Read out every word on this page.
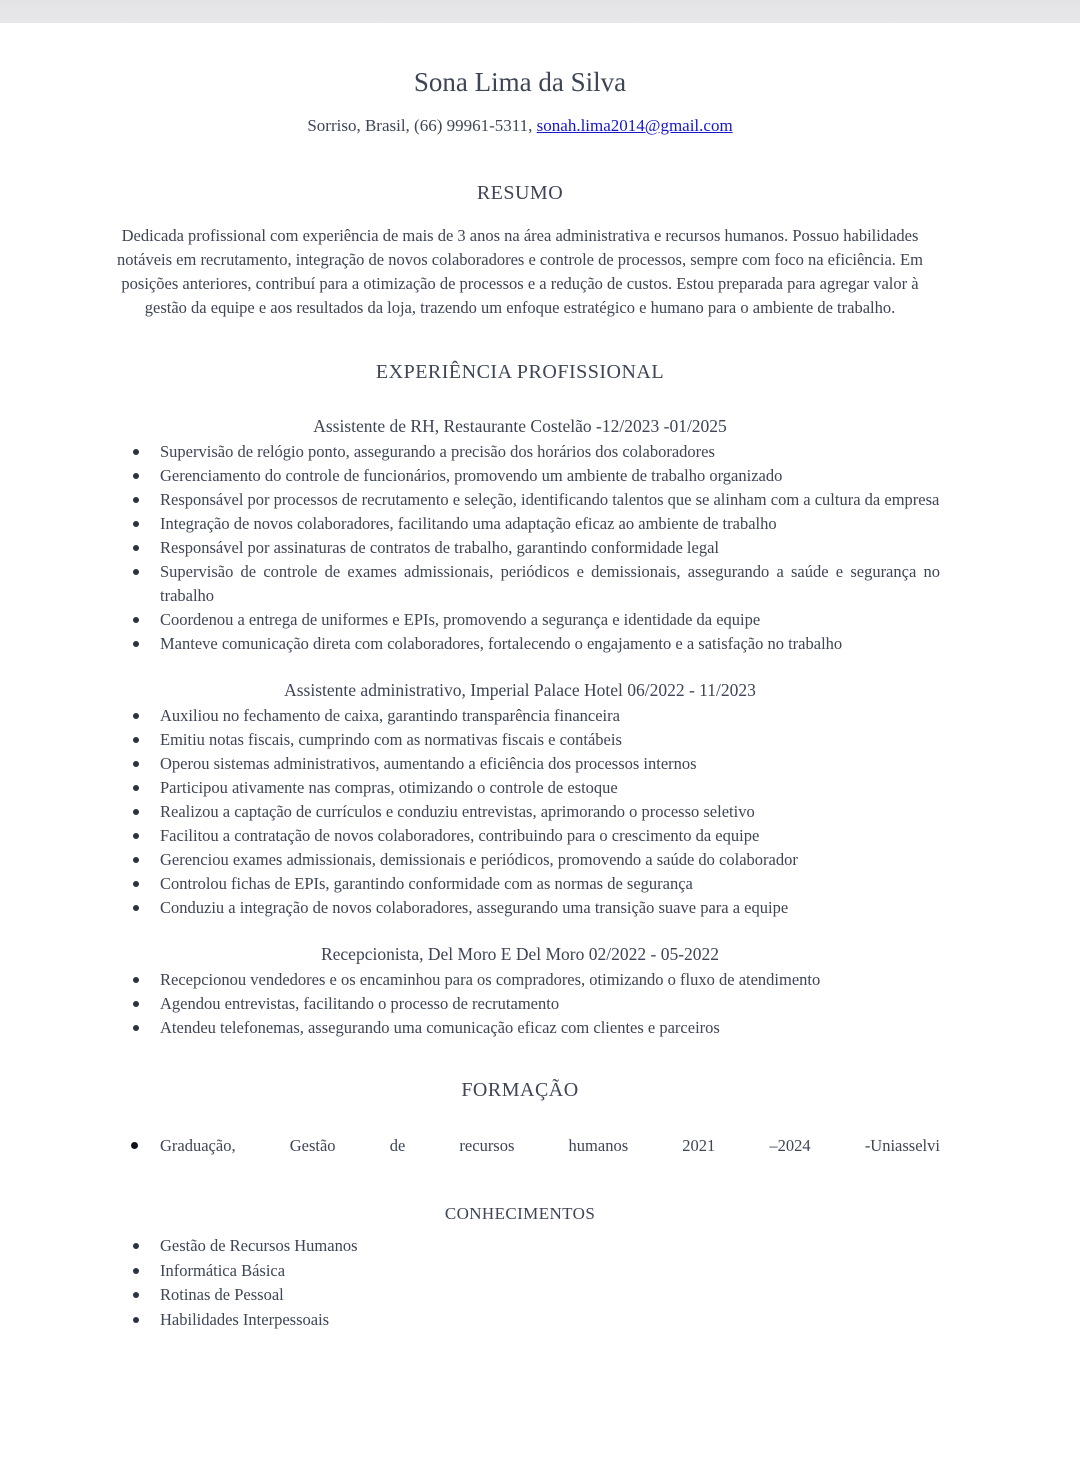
Sona Lima da Silva
Sorriso, Brasil, (66) 99961-5311, sonah.lima2014@gmail.com
RESUMO

Dedicada profissional com experiência de mais de 3 anos na área administrativa e recursos humanos. Possuo habilidades notáveis em recrutamento, integração de novos colaboradores e controle de processos, sempre com foco na eficiência. Em posições anteriores, contribuí para a otimização de processos e a redução de custos. Estou preparada para agregar valor à gestão da equipe e aos resultados da loja, trazendo um enfoque estratégico e humano para o ambiente de trabalho.

EXPERIÊNCIA PROFISSIONAL
Assistente de RH, Restaurante Costelão -12/2023 -01/2025
Supervisão de relógio ponto, assegurando a precisão dos horários dos colaboradores
Gerenciamento do controle de funcionários, promovendo um ambiente de trabalho organizado
Responsável por processos de recrutamento e seleção, identificando talentos que se alinham com a cultura da empresa
Integração de novos colaboradores, facilitando uma adaptação eficaz ao ambiente de trabalho
Responsável por assinaturas de contratos de trabalho, garantindo conformidade legal
Supervisão de controle de exames admissionais, periódicos e demissionais, assegurando a saúde e segurança no trabalho
Coordenou a entrega de uniformes e EPIs, promovendo a segurança e identidade da equipe
Manteve comunicação direta com colaboradores, fortalecendo o engajamento e a satisfação no trabalho
Assistente administrativo, Imperial Palace Hotel 06/2022 - 11/2023
Auxiliou no fechamento de caixa, garantindo transparência financeira
Emitiu notas fiscais, cumprindo com as normativas fiscais e contábeis
Operou sistemas administrativos, aumentando a eficiência dos processos internos
Participou ativamente nas compras, otimizando o controle de estoque
Realizou a captação de currículos e conduziu entrevistas, aprimorando o processo seletivo
Facilitou a contratação de novos colaboradores, contribuindo para o crescimento da equipe
Gerenciou exames admissionais, demissionais e periódicos, promovendo a saúde do colaborador
Controlou fichas de EPIs, garantindo conformidade com as normas de segurança
Conduziu a integração de novos colaboradores, assegurando uma transição suave para a equipe
Recepcionista, Del Moro E Del Moro 02/2022 - 05-2022
Recepcionou vendedores e os encaminhou para os compradores, otimizando o fluxo de atendimento
Agendou entrevistas, facilitando o processo de recrutamento
Atendeu telefonemas, assegurando uma comunicação eficaz com clientes e parceiros
FORMAÇÃO
Graduação,	Gestão	de	recursos	humanos	2021	–2024	-Uniasselvi
CONHECIMENTOS
Gestão de Recursos Humanos
Informática Básica
Rotinas de Pessoal
Habilidades Interpessoais
